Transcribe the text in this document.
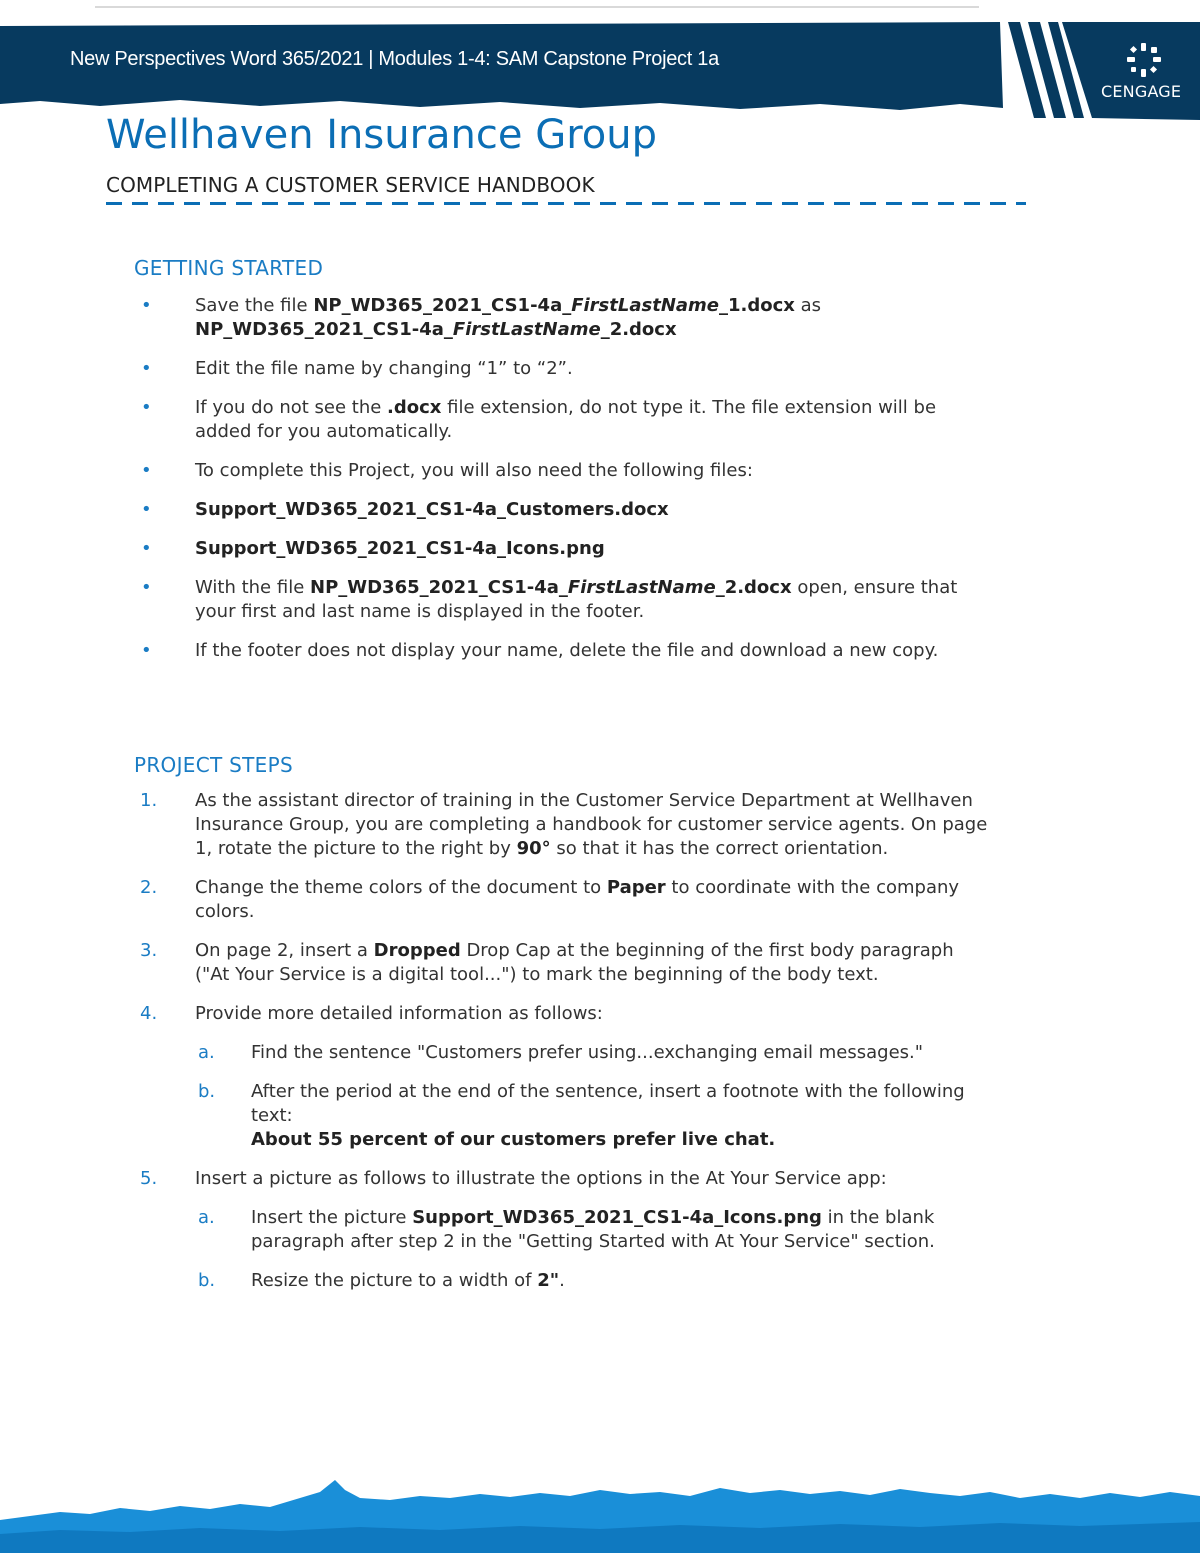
New Perspectives Word 365/2021 | Modules 1-4: SAM Capstone Project 1a
CENGAGE
Wellhaven Insurance Group
COMPLETING A CUSTOMER SERVICE HANDBOOK
GETTING STARTED
• Save the file NP_WD365_2021_CS1-4a_FirstLastName_1.docx as NP_WD365_2021_CS1-4a_FirstLastName_2.docx
• Edit the file name by changing “1” to “2”.
• If you do not see the .docx file extension, do not type it. The file extension will be added for you automatically.
• To complete this Project, you will also need the following files:
• Support_WD365_2021_CS1-4a_Customers.docx
• Support_WD365_2021_CS1-4a_Icons.png
• With the file NP_WD365_2021_CS1-4a_FirstLastName_2.docx open, ensure that your first and last name is displayed in the footer.
• If the footer does not display your name, delete the file and download a new copy.
PROJECT STEPS
1. As the assistant director of training in the Customer Service Department at Wellhaven Insurance Group, you are completing a handbook for customer service agents. On page 1, rotate the picture to the right by 90° so that it has the correct orientation.
2. Change the theme colors of the document to Paper to coordinate with the company colors.
3. On page 2, insert a Dropped Drop Cap at the beginning of the first body paragraph ("At Your Service is a digital tool...") to mark the beginning of the body text.
4. Provide more detailed information as follows:
a. Find the sentence "Customers prefer using...exchanging email messages."
b. After the period at the end of the sentence, insert a footnote with the following text:
About 55 percent of our customers prefer live chat.
5. Insert a picture as follows to illustrate the options in the At Your Service app:
a. Insert the picture Support_WD365_2021_CS1-4a_Icons.png in the blank paragraph after step 2 in the "Getting Started with At Your Service" section.
b. Resize the picture to a width of 2".
